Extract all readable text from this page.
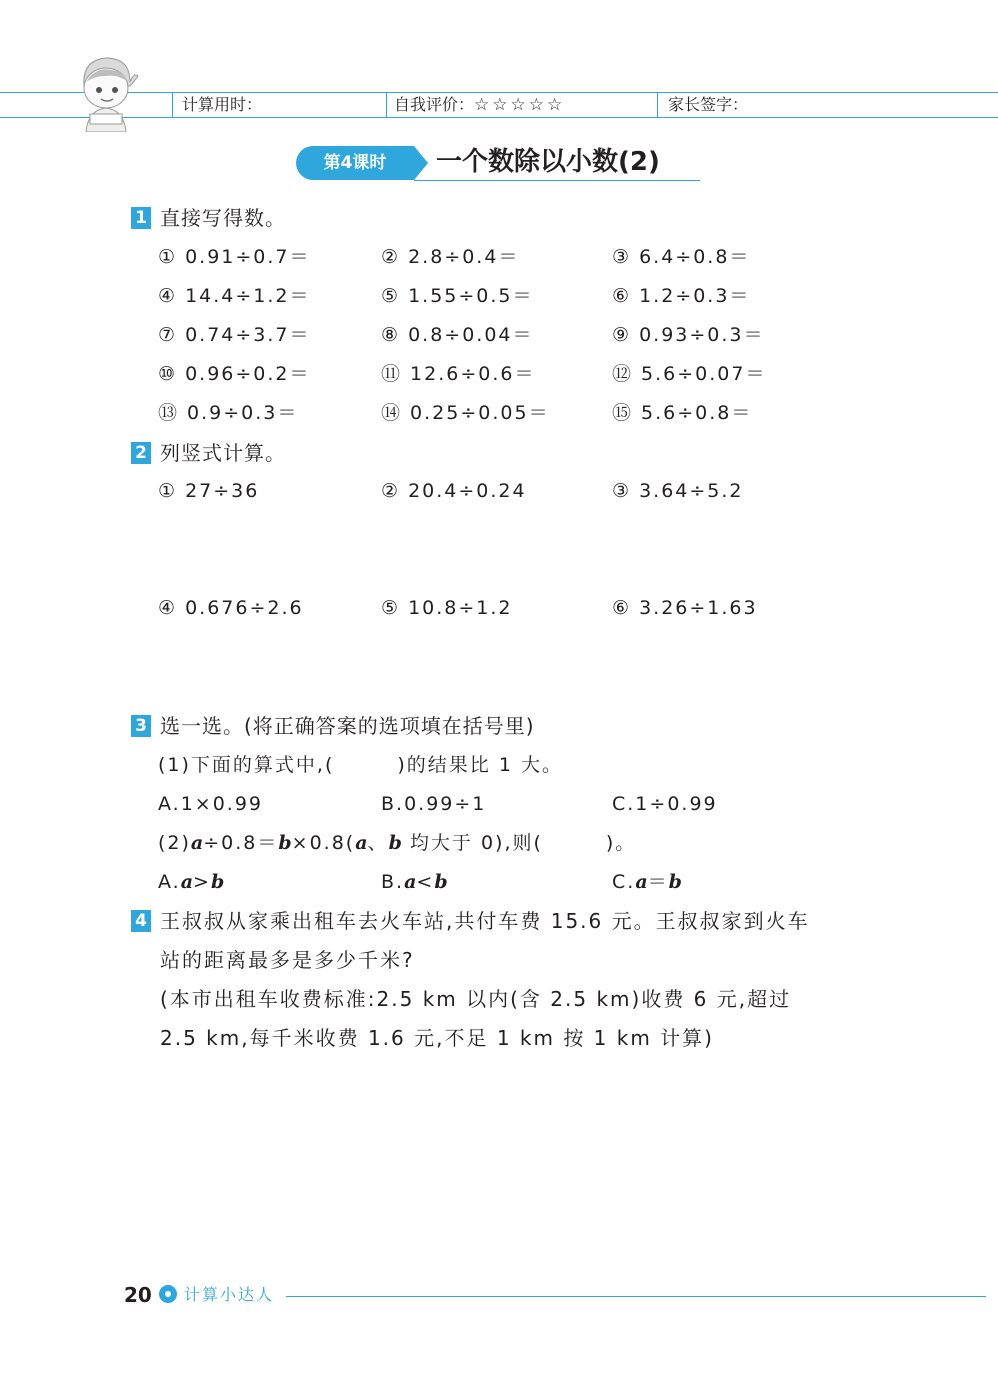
计算用时：	自我评价：☆☆☆☆☆	家长签字：
第4课时	一个数除以小数(2)
1 直接写得数。
① 0.91÷0.7＝	② 2.8÷0.4＝	③ 6.4÷0.8＝
④ 14.4÷1.2＝	⑤ 1.55÷0.5＝	⑥ 1.2÷0.3＝
⑦ 0.74÷3.7＝	⑧ 0.8÷0.04＝	⑨ 0.93÷0.3＝
⑩ 0.96÷0.2＝	⑪ 12.6÷0.6＝	⑫ 5.6÷0.07＝
⑬ 0.9÷0.3＝	⑭ 0.25÷0.05＝	⑮ 5.6÷0.8＝
2 列竖式计算。
① 27÷36	② 20.4÷0.24	③ 3.64÷5.2
④ 0.676÷2.6	⑤ 10.8÷1.2	⑥ 3.26÷1.63
3 选一选。(将正确答案的选项填在括号里)
(1)下面的算式中,(　　　)的结果比 1 大。
A.1×0.99	B.0.99÷1	C.1÷0.99
(2)a÷0.8＝b×0.8(a、b 均大于 0),则(　　　)。
A.a>b	B.a<b	C.a＝b
4 王叔叔从家乘出租车去火车站,共付车费 15.6 元。王叔叔家到火车
站的距离最多是多少千米?
(本市出租车收费标准:2.5 km 以内(含 2.5 km)收费 6 元,超过
2.5 km,每千米收费 1.6 元,不足 1 km 按 1 km 计算)
20 计算小达人
